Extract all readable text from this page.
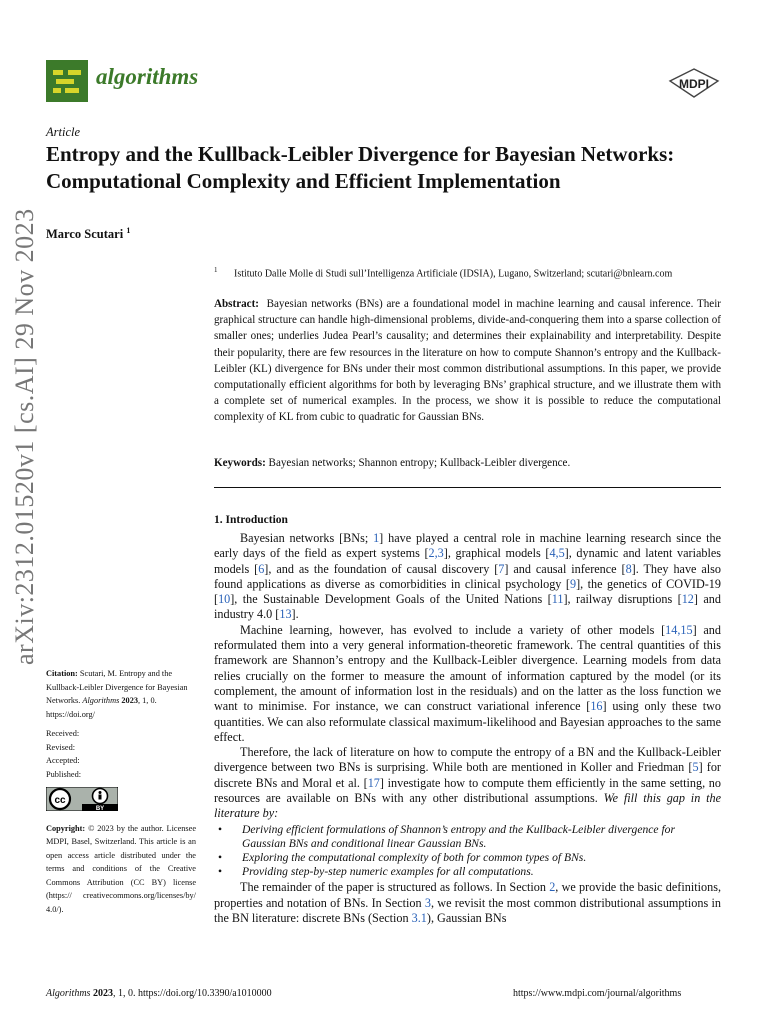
algorithms	MDPI
Article
Entropy and the Kullback-Leibler Divergence for Bayesian Networks: Computational Complexity and Efficient Implementation
Marco Scutari $^1$
$^1$ Istituto Dalle Molle di Studi sull’Intelligenza Artificiale (IDSIA), Lugano, Switzerland; scutari@bnlearn.com
Abstract: Bayesian networks (BNs) are a foundational model in machine learning and causal inference. Their graphical structure can handle high-dimensional problems, divide-and-conquering them into a sparse collection of smaller ones; underlies Judea Pearl’s causality; and determines their explainability and interpretability. Despite their popularity, there are few resources in the literature on how to compute Shannon’s entropy and the Kullback-Leibler (KL) divergence for BNs under their most common distributional assumptions. In this paper, we provide computationally efficient algorithms for both by leveraging BNs’ graphical structure, and we illustrate them with a complete set of numerical examples. In the process, we show it is possible to reduce the computational complexity of KL from cubic to quadratic for Gaussian BNs.
Keywords: Bayesian networks; Shannon entropy; Kullback-Leibler divergence.
1. Introduction

Bayesian networks [BNs; 1] have played a central role in machine learning research since the early days of the field as expert systems [2,3], graphical models [4,5], dynamic and latent variables models [6], and as the foundation of causal discovery [7] and causal inference [8]. They have also found applications as diverse as comorbidities in clinical psychology [9], the genetics of COVID-19 [10], the Sustainable Development Goals of the United Nations [11], railway disruptions [12] and industry 4.0 [13].

Machine learning, however, has evolved to include a variety of other models [14,15] and reformulated them into a very general information-theoretic framework. The central quantities of this framework are Shannon’s entropy and the Kullback-Leibler divergence. Learning models from data relies crucially on the former to measure the amount of information captured by the model (or its complement, the amount of information lost in the residuals) and on the latter as the loss function we want to minimise. For instance, we can construct variational inference [16] using only these two quantities. We can also reformulate classical maximum-likelihood and Bayesian approaches to the same effect.

Therefore, the lack of literature on how to compute the entropy of a BN and the Kullback-Leibler divergence between two BNs is surprising. While both are mentioned in Koller and Friedman [5] for discrete BNs and Moral et al. [17] investigate how to compute them efficiently in the same setting, no resources are available on BNs with any other distributional assumptions. We fill this gap in the literature by:

• Deriving efficient formulations of Shannon’s entropy and the Kullback-Leibler divergence for Gaussian BNs and conditional linear Gaussian BNs.
• Exploring the computational complexity of both for common types of BNs.
• Providing step-by-step numeric examples for all computations.

The remainder of the paper is structured as follows. In Section 2, we provide the basic definitions, properties and notation of BNs. In Section 3, we revisit the most common distributional assumptions in the BN literature: discrete BNs (Section 3.1), Gaussian BNs

arXiv:2312.01520v1 [cs.AI] 29 Nov 2023
Citation: Scutari, M. Entropy and the Kullback-Leibler Divergence for Bayesian Networks. Algorithms 2023, 1, 0. https://doi.org/
Received:
Revised:
Accepted:
Published:
cc
BY
Copyright: © 2023 by the author. Licensee MDPI, Basel, Switzerland. This article is an open access article distributed under the terms and conditions of the Creative Commons Attribution (CC BY) license (https:// creativecommons.org/licenses/by/ 4.0/).
Algorithms 2023, 1, 0. https://doi.org/10.3390/a1010000	https://www.mdpi.com/journal/algorithms
